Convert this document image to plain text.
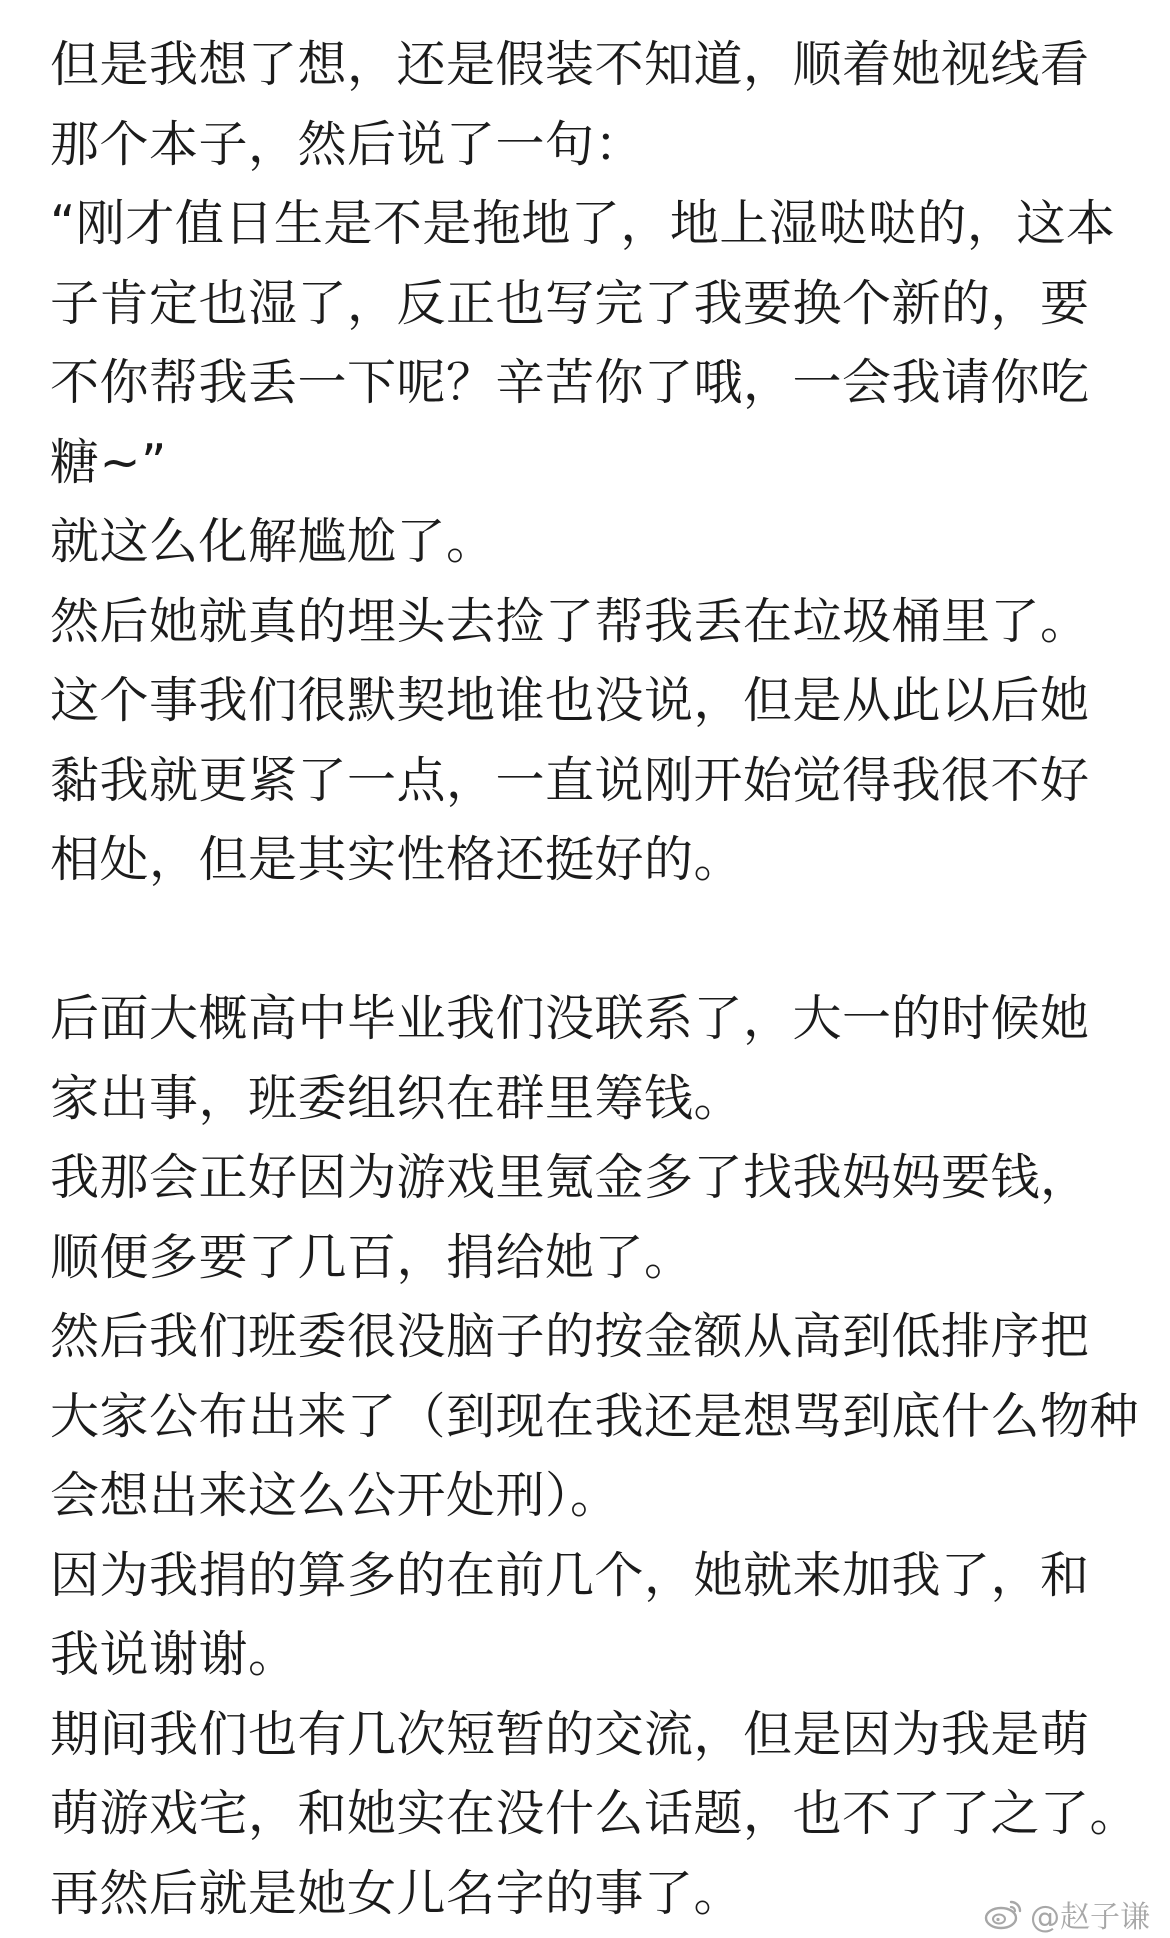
但是我想了想，还是假装不知道，顺着她视线看
那个本子，然后说了一句：
“刚才值日生是不是拖地了，地上湿哒哒的，这本
子肯定也湿了，反正也写完了我要换个新的，要
不你帮我丢一下呢？辛苦你了哦，一会我请你吃
糖~”
就这么化解尴尬了。
然后她就真的埋头去捡了帮我丢在垃圾桶里了。
这个事我们很默契地谁也没说，但是从此以后她
黏我就更紧了一点，一直说刚开始觉得我很不好
相处，但是其实性格还挺好的。
后面大概高中毕业我们没联系了，大一的时候她
家出事，班委组织在群里筹钱。
我那会正好因为游戏里氪金多了找我妈妈要钱，
顺便多要了几百，捐给她了。
然后我们班委很没脑子的按金额从高到低排序把
大家公布出来了（到现在我还是想骂到底什么物种
会想出来这么公开处刑）。
因为我捐的算多的在前几个，她就来加我了，和
我说谢谢。
期间我们也有几次短暂的交流，但是因为我是萌
萌游戏宅，和她实在没什么话题，也不了了之了。
再然后就是她女儿名字的事了。	@赵子谦
